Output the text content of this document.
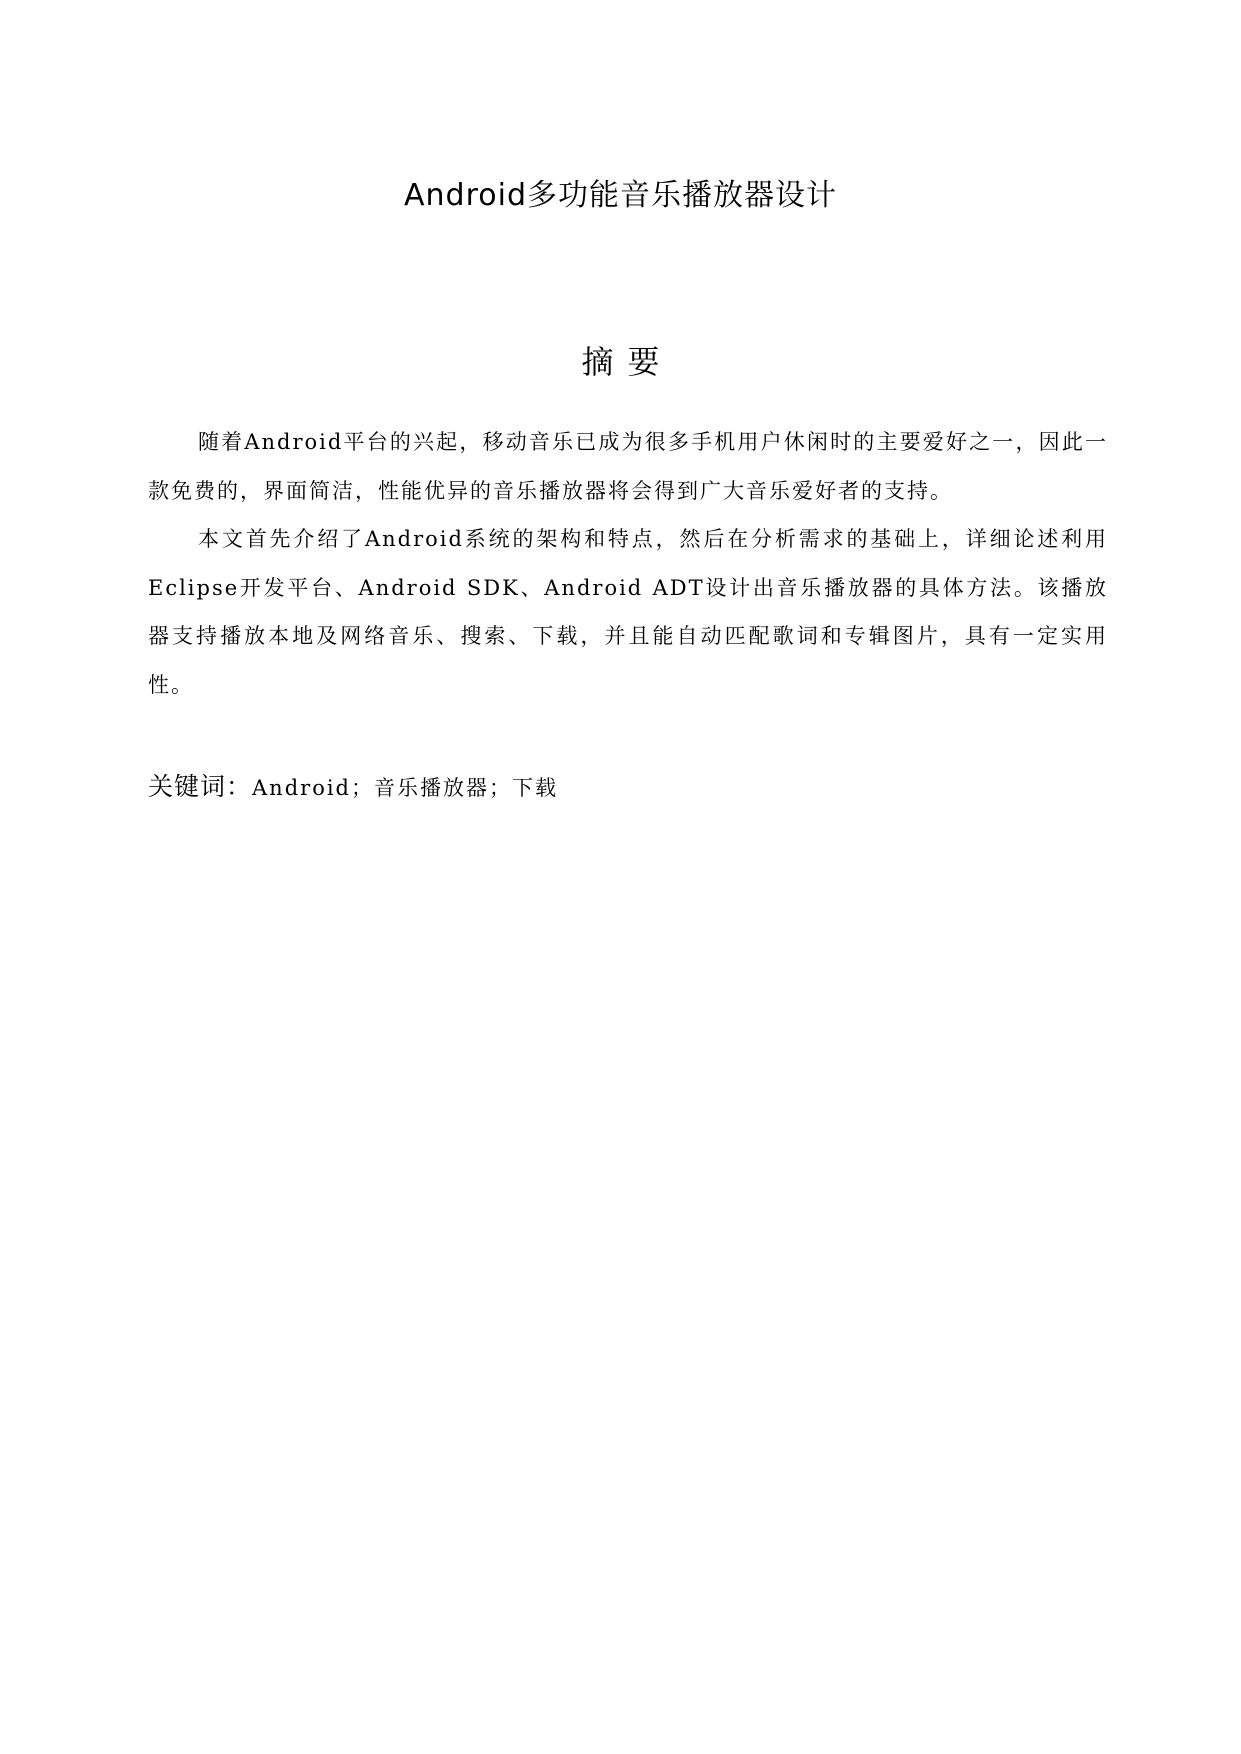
Android多功能音乐播放器设计
摘要

随着Android平台的兴起，移动音乐已成为很多手机用户休闲时的主要爱好之一，因此一款免费的，界面简洁，性能优异的音乐播放器将会得到广大音乐爱好者的支持。

本文首先介绍了Android系统的架构和特点，然后在分析需求的基础上，详细论述利用Eclipse开发平台、Android SDK、Android ADT设计出音乐播放器的具体方法。该播放器支持播放本地及网络音乐、搜索、下载，并且能自动匹配歌词和专辑图片，具有一定实用性。

关键词：Android；音乐播放器；下载
